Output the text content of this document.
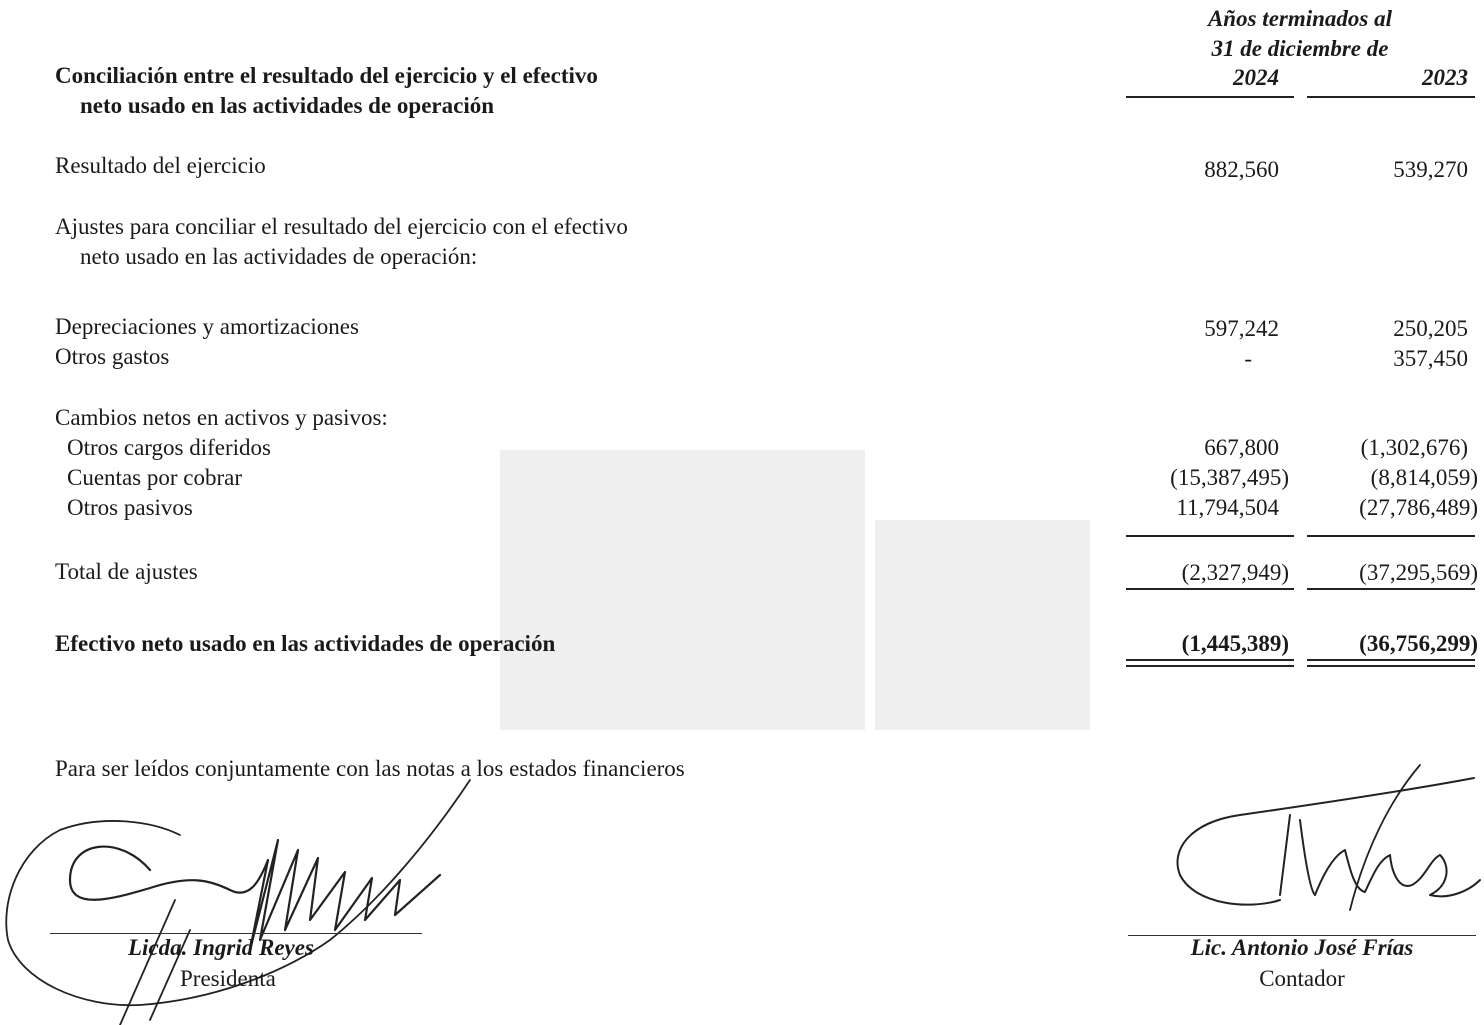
Años terminados al
31 de diciembre de
2024	2023
Conciliación entre el resultado del ejercicio y el efectivo
neto usado en las actividades de operación
Resultado del ejercicio	882,560	539,270
Ajustes para conciliar el resultado del ejercicio con el efectivo
neto usado en las actividades de operación:
Depreciaciones y amortizaciones	597,242	250,205
Otros gastos	-	357,450
Cambios netos en activos y pasivos:
Otros cargos diferidos	667,800	(1,302,676)
Cuentas por cobrar	(15,387,495)	(8,814,059)
Otros pasivos	11,794,504	(27,786,489)
Total de ajustes	(2,327,949)	(37,295,569)
Efectivo neto usado en las actividades de operación	(1,445,389)	(36,756,299)
Para ser leídos conjuntamente con las notas a los estados financieros
Licda. Ingrid Reyes
Presidenta
Lic. Antonio José Frías
Contador
